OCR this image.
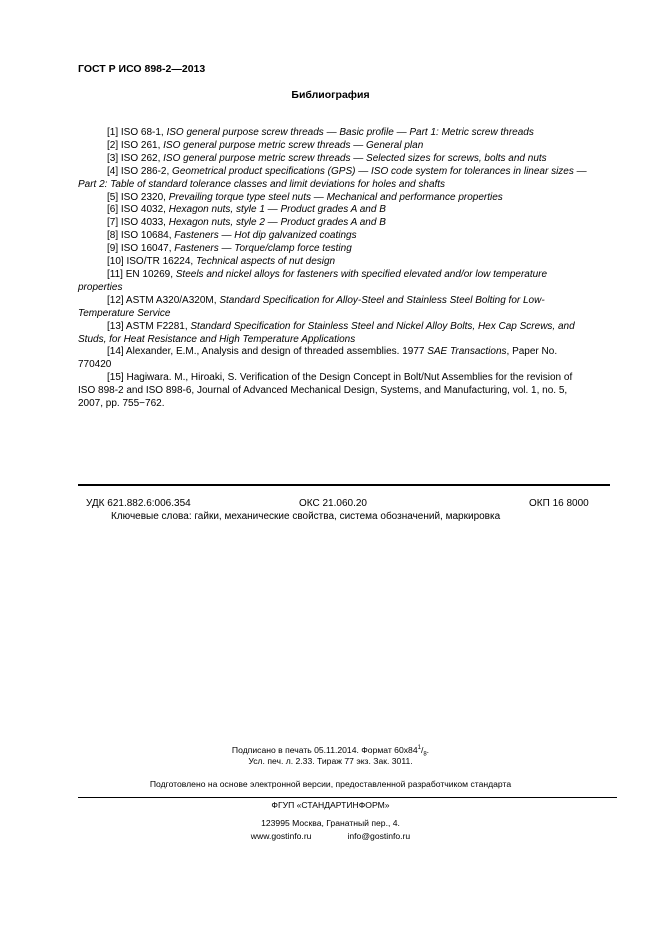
ГОСТ Р ИСО 898-2—2013
Библиография

[1] ISO 68-1, ISO general purpose screw threads — Basic profile — Part 1: Metric screw threads

[2] ISO 261, ISO general purpose metric screw threads — General plan

[3] ISO 262, ISO general purpose metric screw threads — Selected sizes for screws, bolts and nuts

[4] ISO 286-2, Geometrical product specifications (GPS) — ISO code system for tolerances in linear sizes — Part 2: Table of standard tolerance classes and limit deviations for holes and shafts

[5] ISO 2320, Prevailing torque type steel nuts — Mechanical and performance properties

[6] ISO 4032, Hexagon nuts, style 1 — Product grades A and B

[7] ISO 4033, Hexagon nuts, style 2 — Product grades A and B

[8] ISO 10684, Fasteners — Hot dip galvanized coatings

[9] ISO 16047, Fasteners — Torque/clamp force testing

[10] ISO/TR 16224, Technical aspects of nut design

[11] EN 10269, Steels and nickel alloys for fasteners with specified elevated and/or low temperature properties

[12] ASTM A320/A320M, Standard Specification for Alloy-Steel and Stainless Steel Bolting for Low-Temperature Service

[13] ASTM F2281, Standard Specification for Stainless Steel and Nickel Alloy Bolts, Hex Cap Screws, and Studs, for Heat Resistance and High Temperature Applications

[14] Alexander, E.M., Analysis and design of threaded assemblies. 1977 SAE Transactions, Paper No. 770420

[15] Hagiwara. M., Hiroaki, S. Verification of the Design Concept in Bolt/Nut Assemblies for the revision of ISO 898-2 and ISO 898-6, Journal of Advanced Mechanical Design, Systems, and Manufacturing, vol. 1, no. 5, 2007, pp. 755−762.

УДК 621.882.6:006.354	ОКС 21.060.20	ОКП 16 8000
Ключевые слова: гайки, механические свойства, система обозначений, маркировка
Подписано в печать 05.11.2014. Формат $60х84^1/_8$.
Усл. печ. л. 2.33. Тираж 77 экз. Зак. 3011.
Подготовлено на основе электронной версии, предоставленной разработчиком стандарта
ФГУП «СТАНДАРТИНФОРМ»
123995 Москва, Гранатный пер., 4.
www.gostinfo.ru	info@gostinfo.ru
